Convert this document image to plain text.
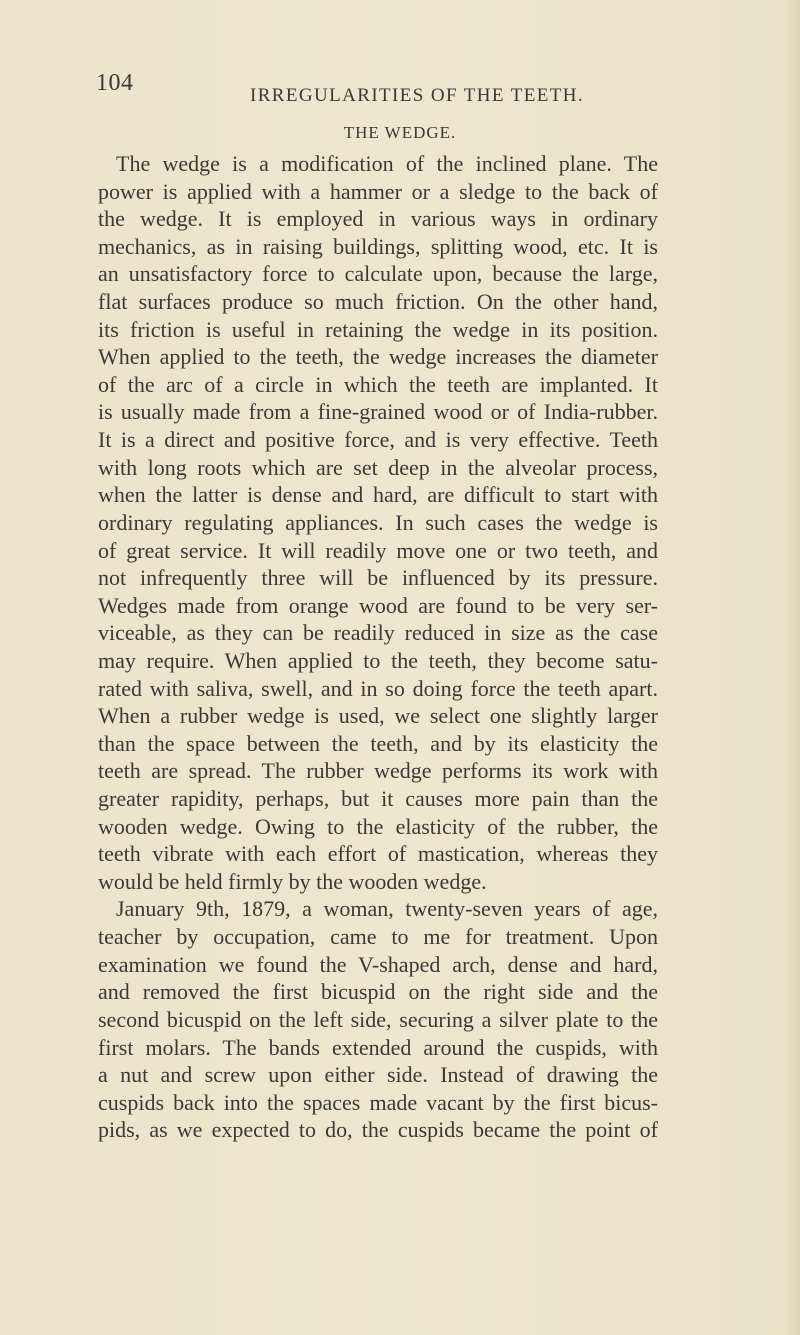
104	IRREGULARITIES OF THE TEETH.
THE WEDGE.
The wedge is a modification of the inclined plane. The
power is applied with a hammer or a sledge to the back of
the wedge. It is employed in various ways in ordinary
mechanics, as in raising buildings, splitting wood, etc. It is
an unsatisfactory force to calculate upon, because the large,
flat surfaces produce so much friction. On the other hand,
its friction is useful in retaining the wedge in its position.
When applied to the teeth, the wedge increases the diameter
of the arc of a circle in which the teeth are implanted. It
is usually made from a fine-grained wood or of India-rubber.
It is a direct and positive force, and is very effective. Teeth
with long roots which are set deep in the alveolar process,
when the latter is dense and hard, are difficult to start with
ordinary regulating appliances. In such cases the wedge is
of great service. It will readily move one or two teeth, and
not infrequently three will be influenced by its pressure.
Wedges made from orange wood are found to be very ser-
viceable, as they can be readily reduced in size as the case
may require. When applied to the teeth, they become satu-
rated with saliva, swell, and in so doing force the teeth apart.
When a rubber wedge is used, we select one slightly larger
than the space between the teeth, and by its elasticity the
teeth are spread. The rubber wedge performs its work with
greater rapidity, perhaps, but it causes more pain than the
wooden wedge. Owing to the elasticity of the rubber, the
teeth vibrate with each effort of mastication, whereas they
would be held firmly by the wooden wedge.
January 9th, 1879, a woman, twenty-seven years of age,
teacher by occupation, came to me for treatment. Upon
examination we found the V-shaped arch, dense and hard,
and removed the first bicuspid on the right side and the
second bicuspid on the left side, securing a silver plate to the
first molars. The bands extended around the cuspids, with
a nut and screw upon either side. Instead of drawing the
cuspids back into the spaces made vacant by the first bicus-
pids, as we expected to do, the cuspids became the point of
